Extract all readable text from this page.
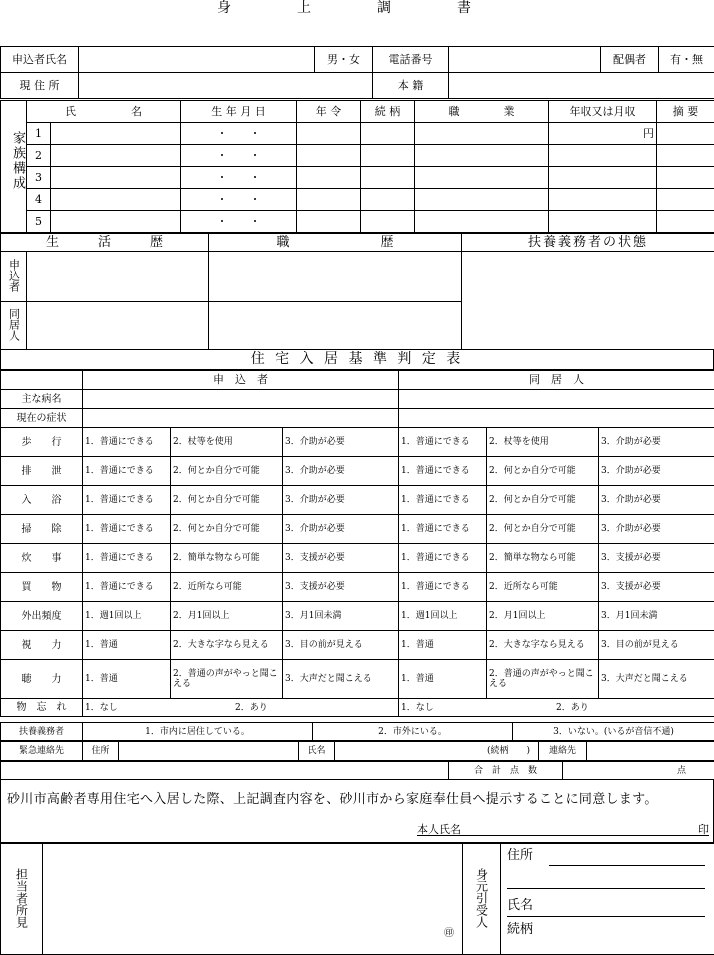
身　上　調　書
申込者氏名		男・女	電話番号		配偶者	有・無
現 住 所			本 籍			
家族構成	氏　　　　　名		生 年 月 日	年 令	続 柄	職　　　　業	年収又は月収	摘 要
	1		・　　・				円	
	2		・　　・					
	3		・　　・					
	4		・　　・					
	5		・　　・					
生　　　活　　　歴		職　　　　　　　歴	扶養義務者の状態
申込者			
同居人			
住 宅 入 居 基 準 判 定 表
	申　込　者			同　居　人		
主な病名						
現在の症状						
歩　　行	1．普通にできる	2．杖等を使用	3．介助が必要	1．普通にできる	2．杖等を使用	3．介助が必要
排　　泄	1．普通にできる	2．何とか自分で可能	3．介助が必要	1．普通にできる	2．何とか自分で可能	3．介助が必要
入　　浴	1．普通にできる	2．何とか自分で可能	3．介助が必要	1．普通にできる	2．何とか自分で可能	3．介助が必要
掃　　除	1．普通にできる	2．何とか自分で可能	3．介助が必要	1．普通にできる	2．何とか自分で可能	3．介助が必要
炊　　事	1．普通にできる	2．簡単な物なら可能	3．支援が必要	1．普通にできる	2．簡単な物なら可能	3．支援が必要
買　　物	1．普通にできる	2．近所なら可能	3．支援が必要	1．普通にできる	2．近所なら可能	3．支援が必要
外出頻度	1．週1回以上	2．月1回以上	3．月1回未満	1．週1回以上	2．月1回以上	3．月1回未満
視　　力	1．普通	2．大きな字なら見える	3．目の前が見える	1．普通	2．大きな字なら見える	3．目の前が見える
聴　　力	1．普通	2．普通の声がやっと聞こえる	3．大声だと聞こえる	1．普通	2．普通の声がやっと聞こえる	3．大声だと聞こえる
物　忘　れ	1．なし 2．あり			1．なし 2．あり		
扶養義務者	1．市内に居住している。	2．市外にいる。	3．いない。(いるが音信不通)
緊急連絡先	住所		氏名	(続柄　　)	連絡先	
	合　計　点　数	点
砂川市高齢者専用住宅へ入居した際、上記調査内容を、砂川市から家庭奉仕員へ提示することに同意します。
本人氏名	印
担当者所見	
㊞
	身元引受人	
住所
氏名
続柄
